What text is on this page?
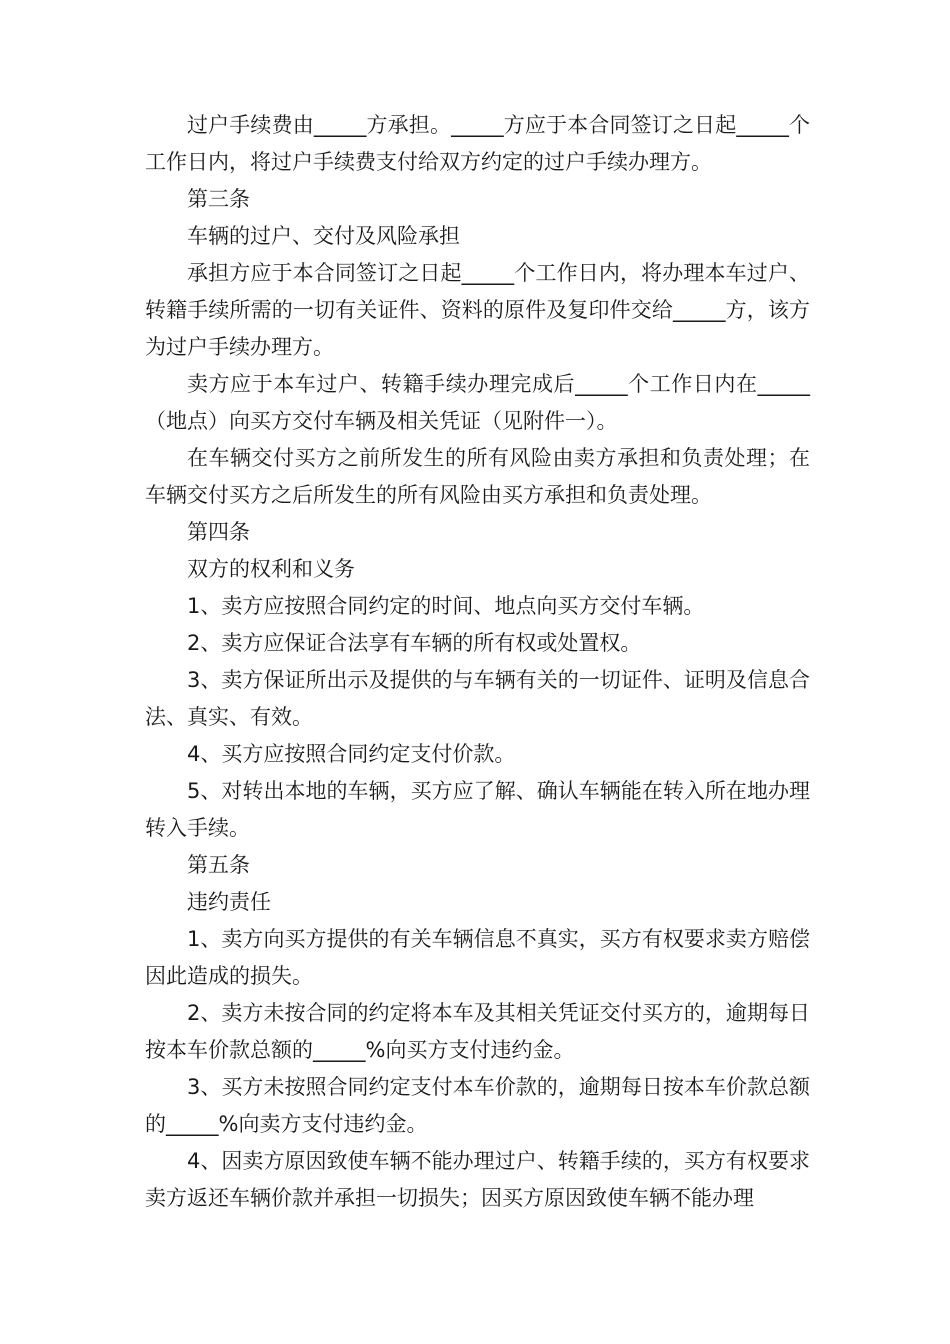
过户手续费由_____方承担。_____方应于本合同签订之日起_____个工作日内，将过户手续费支付给双方约定的过户手续办理方。

第三条

车辆的过户、交付及风险承担

承担方应于本合同签订之日起_____个工作日内，将办理本车过户、转籍手续所需的一切有关证件、资料的原件及复印件交给_____方，该方为过户手续办理方。

卖方应于本车过户、转籍手续办理完成后_____个工作日内在_____（地点）向买方交付车辆及相关凭证（见附件一）。

在车辆交付买方之前所发生的所有风险由卖方承担和负责处理；在车辆交付买方之后所发生的所有风险由买方承担和负责处理。

第四条

双方的权利和义务

1、卖方应按照合同约定的时间、地点向买方交付车辆。

2、卖方应保证合法享有车辆的所有权或处置权。

3、卖方保证所出示及提供的与车辆有关的一切证件、证明及信息合法、真实、有效。

4、买方应按照合同约定支付价款。

5、对转出本地的车辆，买方应了解、确认车辆能在转入所在地办理转入手续。

第五条

违约责任

1、卖方向买方提供的有关车辆信息不真实，买方有权要求卖方赔偿因此造成的损失。

2、卖方未按合同的约定将本车及其相关凭证交付买方的，逾期每日按本车价款总额的_____%向买方支付违约金。

3、买方未按照合同约定支付本车价款的，逾期每日按本车价款总额的_____%向卖方支付违约金。

4、因卖方原因致使车辆不能办理过户、转籍手续的，买方有权要求卖方返还车辆价款并承担一切损失；因买方原因致使车辆不能办理
